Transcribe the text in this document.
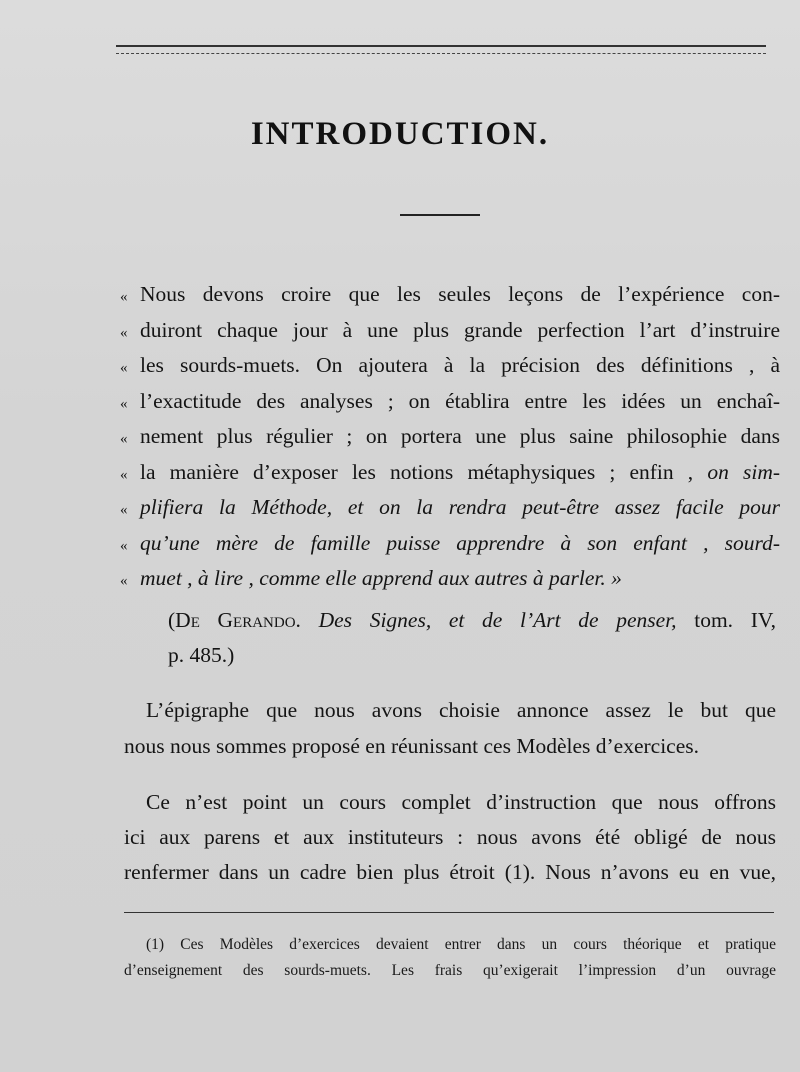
INTRODUCTION.
« Nous devons croire que les seules leçons de l’expérience con-
« duiront chaque jour à une plus grande perfection l’art d’instruire
« les sourds-muets. On ajoutera à la précision des définitions , à
« l’exactitude des analyses ; on établira entre les idées un enchaî-
« nement plus régulier ; on portera une plus saine philosophie dans
« la manière d’exposer les notions métaphysiques ; enfin , on sim-
« plifiera la Méthode, et on la rendra peut-être assez facile pour
« qu’une mère de famille puisse apprendre à son enfant , sourd-
« muet , à lire , comme elle apprend aux autres à parler. »
(De Gerando. Des Signes, et de l’Art de penser, tom. IV,
p. 485.)
L’épigraphe que nous avons choisie annonce assez le but que
nous nous sommes proposé en réunissant ces Modèles d’exercices.
Ce n’est point un cours complet d’instruction que nous offrons
ici aux parens et aux instituteurs : nous avons été obligé de nous
renfermer dans un cadre bien plus étroit (1). Nous n’avons eu en vue,
(1) Ces Modèles d’exercices devaient entrer dans un cours théorique et pratique
d’enseignement des sourds-muets. Les frais qu’exigerait l’impression d’un ouvrage
